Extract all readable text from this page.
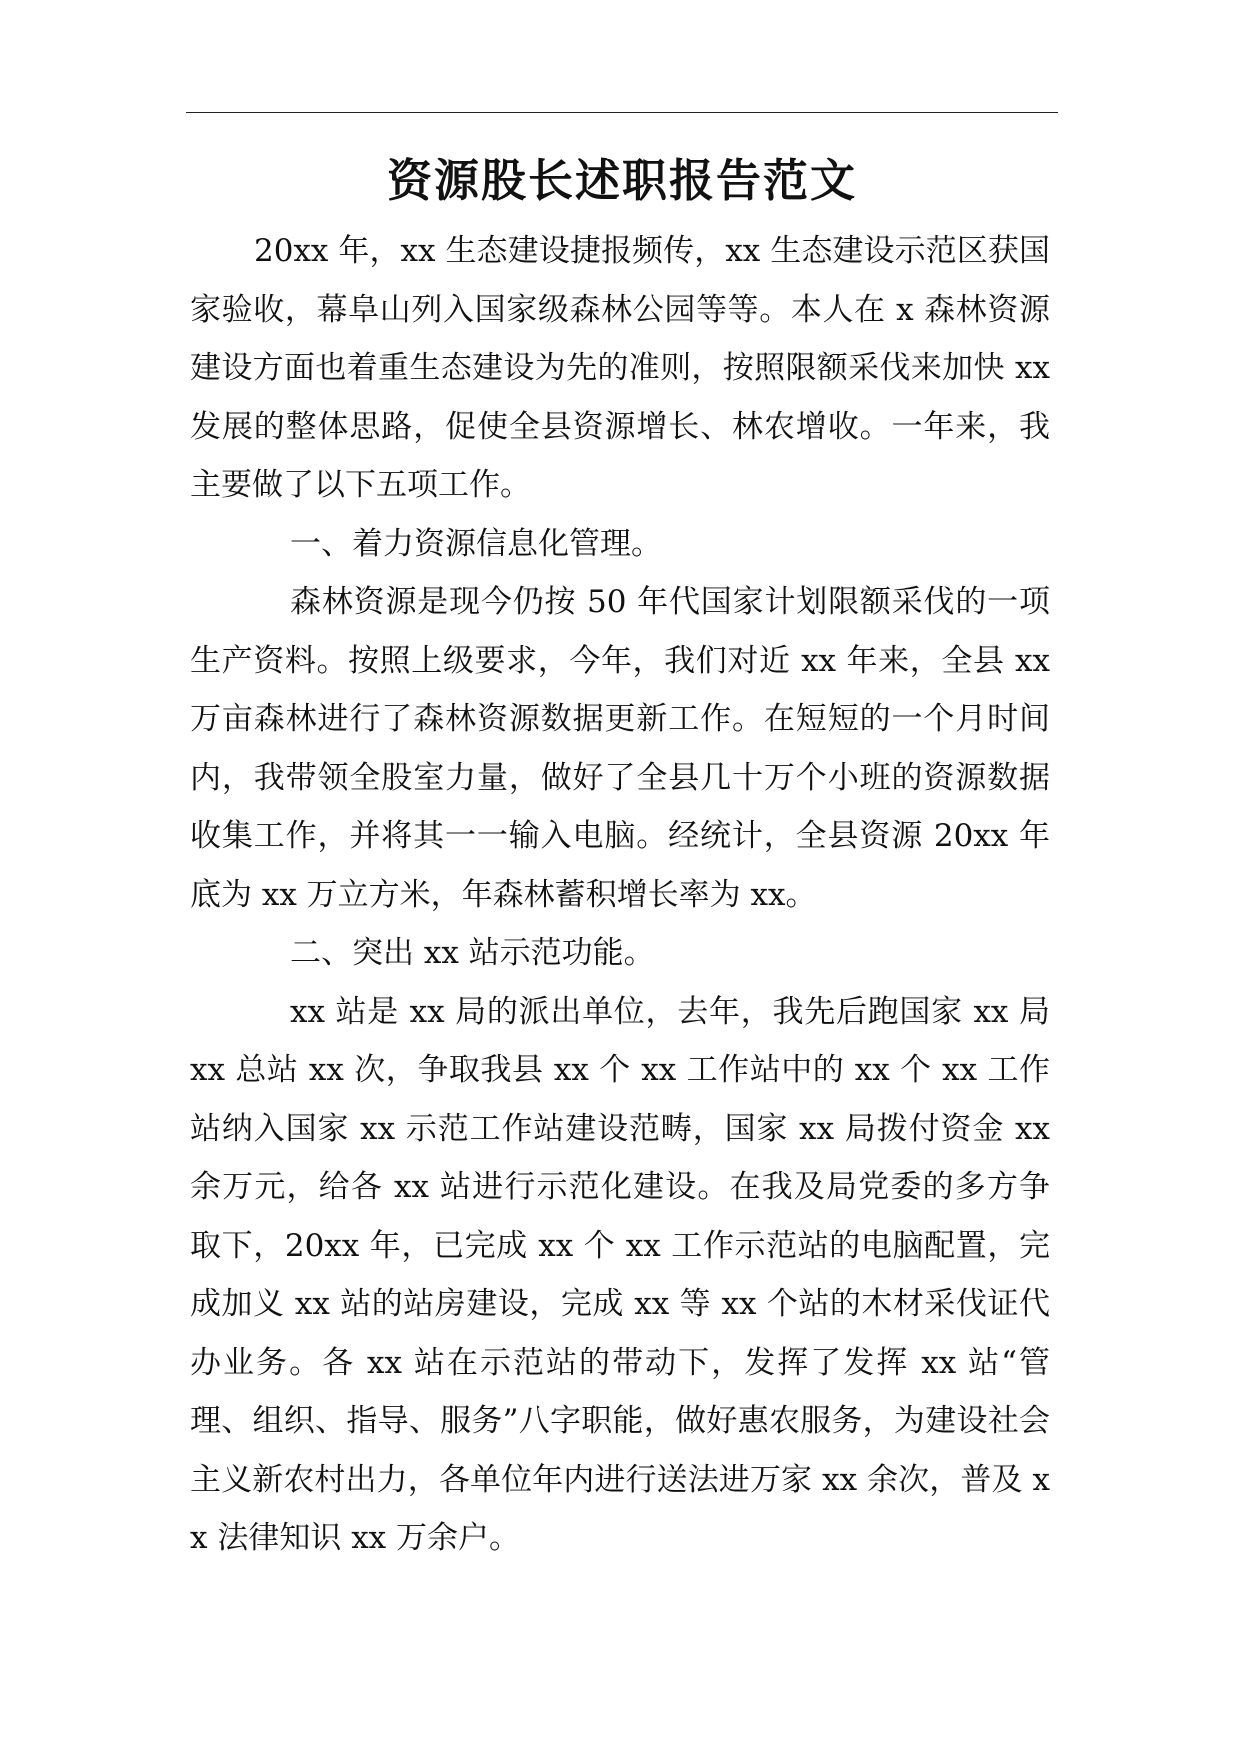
资源股长述职报告范文

20xx 年，xx 生态建设捷报频传，xx 生态建设示范区获国家验收，幕阜山列入国家级森林公园等等。本人在 x 森林资源建设方面也着重生态建设为先的准则，按照限额采伐来加快 xx 发展的整体思路，促使全县资源增长、林农增收。一年来，我主要做了以下五项工作。

一、着力资源信息化管理。

森林资源是现今仍按 50 年代国家计划限额采伐的一项生产资料。按照上级要求，今年，我们对近 xx 年来，全县 xx 万亩森林进行了森林资源数据更新工作。在短短的一个月时间内，我带领全股室力量，做好了全县几十万个小班的资源数据收集工作，并将其一一输入电脑。经统计，全县资源 20xx 年底为 xx 万立方米，年森林蓄积增长率为 xx。

二、突出 xx 站示范功能。

xx 站是 xx 局的派出单位，去年，我先后跑国家 xx 局 xx 总站 xx 次，争取我县 xx 个 xx 工作站中的 xx 个 xx 工作站纳入国家 xx 示范工作站建设范畴，国家 xx 局拨付资金 xx 余万元，给各 xx 站进行示范化建设。在我及局党委的多方争取下，20xx 年，已完成 xx 个 xx 工作示范站的电脑配置，完成加义 xx 站的站房建设，完成 xx 等 xx 个站的木材采伐证代办业务。各 xx 站在示范站的带动下，发挥了发挥 xx 站“管理、组织、指导、服务”八字职能，做好惠农服务，为建设社会主义新农村出力，各单位年内进行送法进万家 xx 余次，普及 xx 法律知识 xx 万余户。
